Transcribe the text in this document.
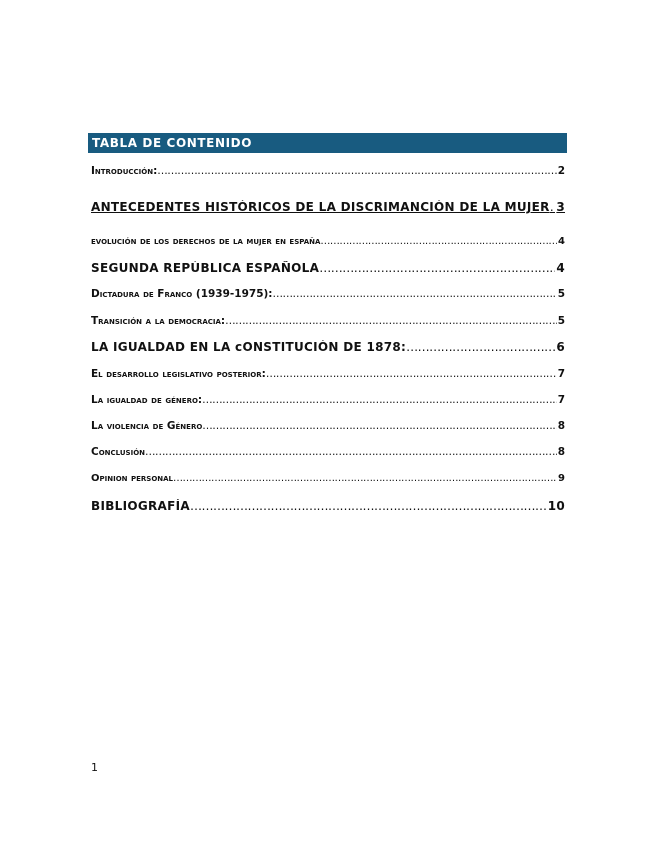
TABLA DE CONTENIDO
Introducción: ……………………………………………………………………………………………………………………………………………………………………………………………………	2
ANTECEDENTES HISTÓRICOS DE LA DISCRIMANCIÓN DE LA MUJER …………………………………………………………………………………………………………………………………………………………………………………………………… 3
evolución de los derechos de la mujer en españa ……………………………………………………………………………………………………………………………………………………………………………………………………	4
SEGUNDA REPÚBLICA ESPAÑOLA ……………………………………………………………………………………………………………………………………………………………………………………………………	4
Dictadura de Franco (1939-1975): ……………………………………………………………………………………………………………………………………………………………………………………………………	5
Transición a la democracia: ……………………………………………………………………………………………………………………………………………………………………………………………………	5
LA IGUALDAD EN LA cONSTITUCIÓN DE 1878: ……………………………………………………………………………………………………………………………………………………………………………………………………	6
El desarrollo legislativo posterior: ……………………………………………………………………………………………………………………………………………………………………………………………………	7
La igualdad de género: ……………………………………………………………………………………………………………………………………………………………………………………………………	7
La violencia de Género ……………………………………………………………………………………………………………………………………………………………………………………………………	8
Conclusión ……………………………………………………………………………………………………………………………………………………………………………………………………	8
Opinion personal ……………………………………………………………………………………………………………………………………………………………………………………………………	9
BIBLIOGRAFÍA ……………………………………………………………………………………………………………………………………………………………………………………………………	10
1
